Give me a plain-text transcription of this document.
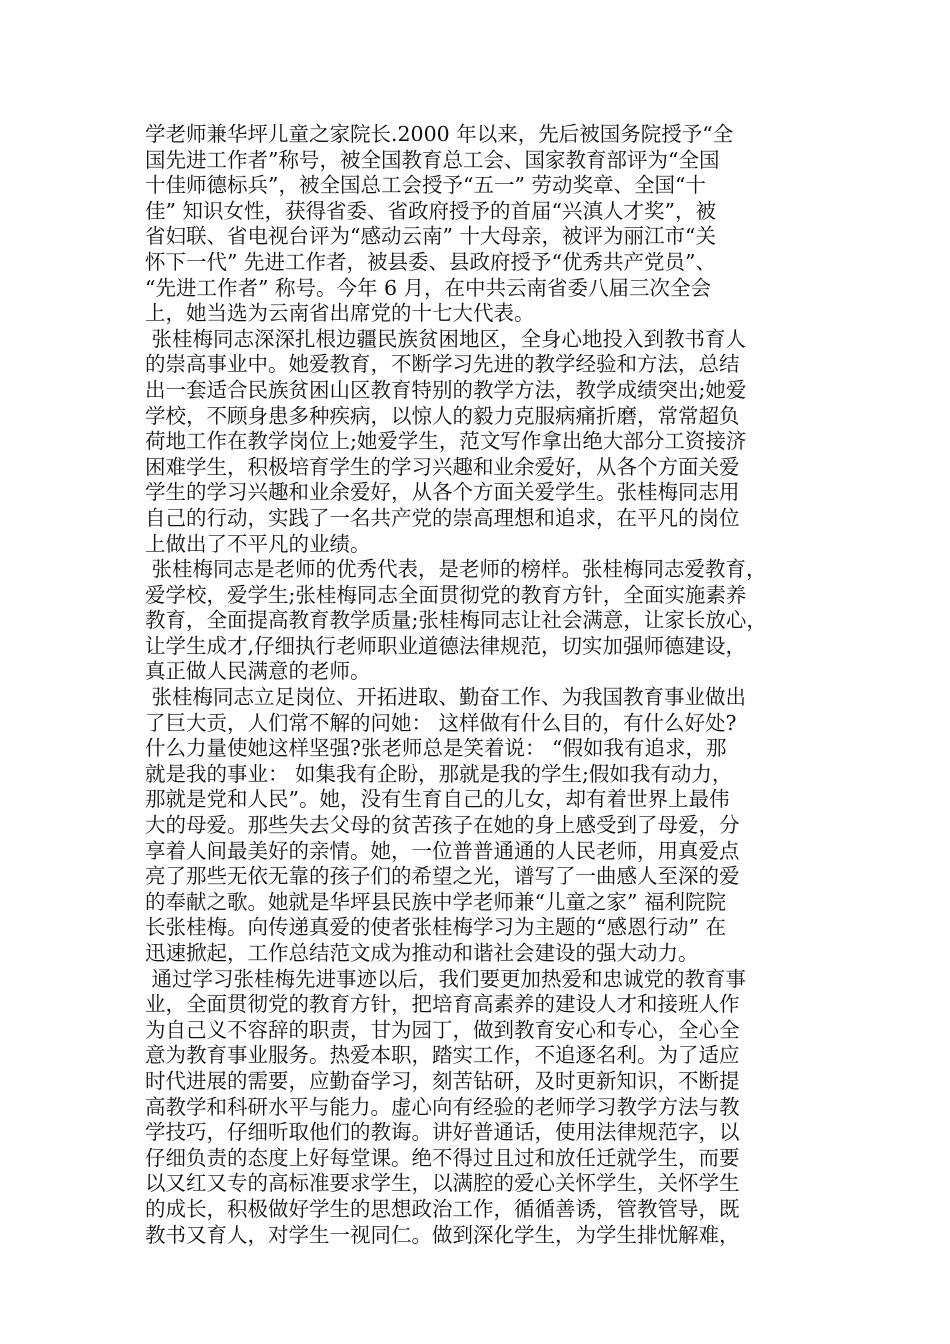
学老师兼华坪儿童之家院长.2000 年以来，先后被国务院授予“全
国先进工作者”称号，被全国教育总工会、国家教育部评为“全国
十佳师德标兵”，被全国总工会授予“五一” 劳动奖章、全国“十
佳” 知识女性，获得省委、省政府授予的首届“兴滇人才奖”，被
省妇联、省电视台评为“感动云南” 十大母亲，被评为丽江市“关
怀下一代” 先进工作者，被县委、县政府授予“优秀共产党员”、
“先进工作者” 称号。今年 6 月，在中共云南省委八届三次全会
上，她当选为云南省出席党的十七大代表。
张桂梅同志深深扎根边疆民族贫困地区，全身心地投入到教书育人
的崇高事业中。她爱教育，不断学习先进的教学经验和方法，总结
出一套适合民族贫困山区教育特别的教学方法，教学成绩突出;她爱
学校，不顾身患多种疾病，以惊人的毅力克服病痛折磨，常常超负
荷地工作在教学岗位上;她爱学生，范文写作拿出绝大部分工资接济
困难学生，积极培育学生的学习兴趣和业余爱好，从各个方面关爱
学生的学习兴趣和业余爱好，从各个方面关爱学生。张桂梅同志用
自己的行动，实践了一名共产党的崇高理想和追求，在平凡的岗位
上做出了不平凡的业绩。
张桂梅同志是老师的优秀代表，是老师的榜样。张桂梅同志爱教育，
爱学校，爱学生;张桂梅同志全面贯彻党的教育方针，全面实施素养
教育，全面提高教育教学质量;张桂梅同志让社会满意，让家长放心，
让学生成才,仔细执行老师职业道德法律规范，切实加强师德建设，
真正做人民满意的老师。
张桂梅同志立足岗位、开拓进取、勤奋工作、为我国教育事业做出
了巨大贡，人们常不解的问她： 这样做有什么目的，有什么好处?
什么力量使她这样坚强?张老师总是笑着说： “假如我有追求，那
就是我的事业： 如集我有企盼，那就是我的学生;假如我有动力，
那就是党和人民”。她，没有生育自己的儿女，却有着世界上最伟
大的母爱。那些失去父母的贫苦孩子在她的身上感受到了母爱，分
享着人间最美好的亲情。她，一位普普通通的人民老师，用真爱点
亮了那些无依无靠的孩子们的希望之光，谱写了一曲感人至深的爱
的奉献之歌。她就是华坪县民族中学老师兼“儿童之家” 福利院院
长张桂梅。向传递真爱的使者张桂梅学习为主题的“感恩行动” 在
迅速掀起，工作总结范文成为推动和谐社会建设的强大动力。
通过学习张桂梅先进事迹以后，我们要更加热爱和忠诚党的教育事
业，全面贯彻党的教育方针，把培育高素养的建设人才和接班人作
为自己义不容辞的职责，甘为园丁，做到教育安心和专心，全心全
意为教育事业服务。热爱本职，踏实工作，不追逐名利。为了适应
时代进展的需要，应勤奋学习，刻苦钻研，及时更新知识，不断提
高教学和科研水平与能力。虚心向有经验的老师学习教学方法与教
学技巧，仔细听取他们的教诲。讲好普通话，使用法律规范字，以
仔细负责的态度上好每堂课。绝不得过且过和放任迁就学生，而要
以又红又专的高标准要求学生，以满腔的爱心关怀学生，关怀学生
的成长，积极做好学生的思想政治工作，循循善诱，管教管导，既
教书又育人，对学生一视同仁。做到深化学生，为学生排忧解难，
